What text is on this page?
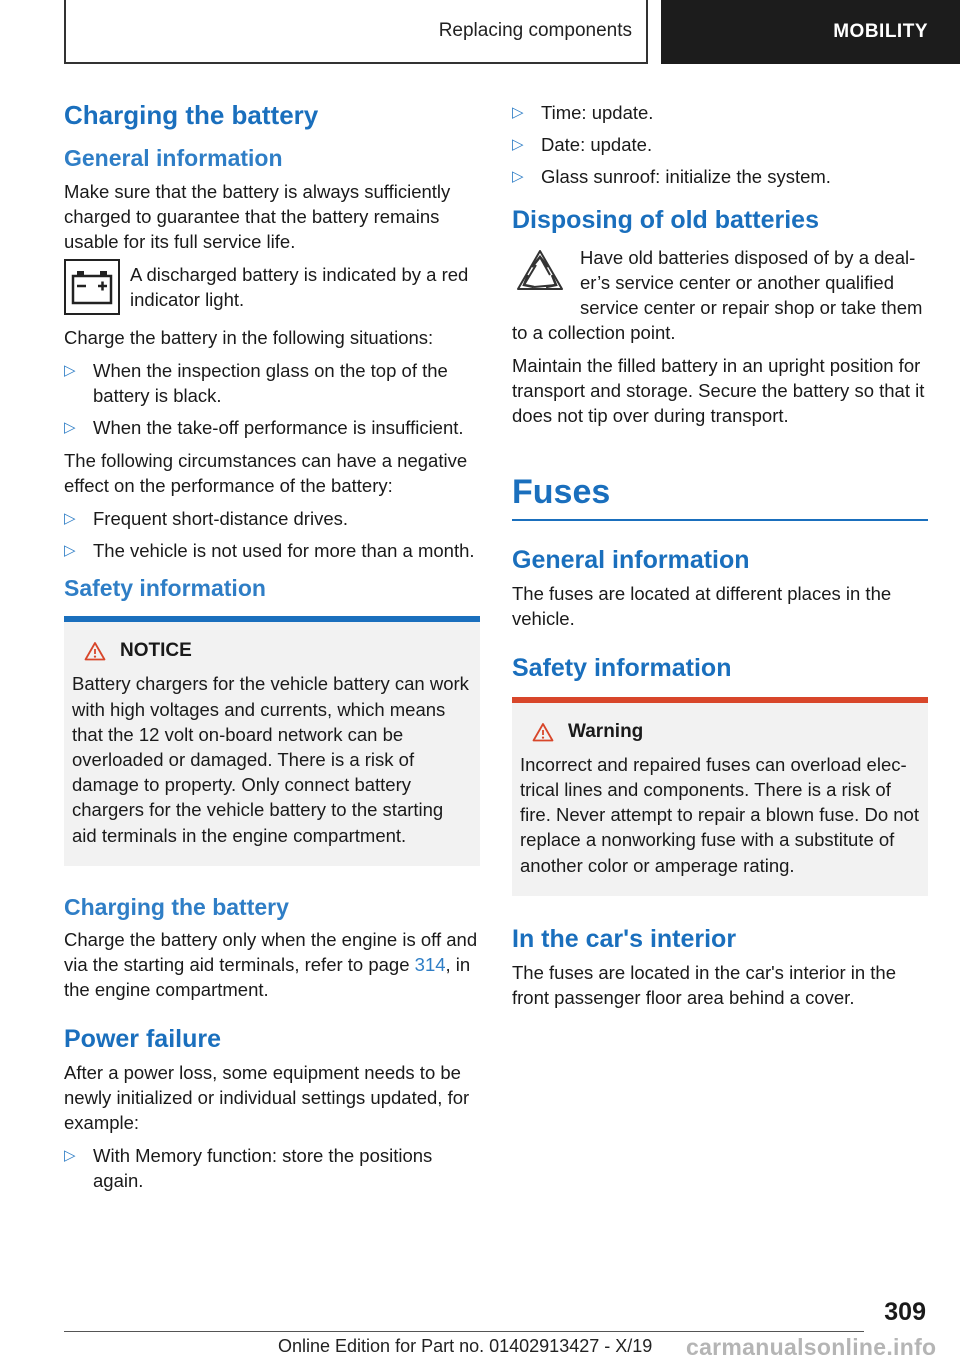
Replacing components	MOBILITY
Charging the battery
General information

Make sure that the battery is always sufficiently charged to guarantee that the battery remains usable for its full service life.

A discharged battery is indicated by a red indicator light.

Charge the battery in the following situations:

▷ When the inspection glass on the top of the battery is black.
▷ When the take-off performance is insufficient.

The following circumstances can have a negative effect on the performance of the battery:

▷ Frequent short-distance drives.
▷ The vehicle is not used for more than a month.
Safety information
NOTICE

Battery chargers for the vehicle battery can work with high voltages and currents, which means that the 12 volt on-board network can be overloaded or damaged. There is a risk of damage to property. Only connect battery chargers for the vehicle battery to the starting aid terminals in the engine compartment.

Charging the battery

Charge the battery only when the engine is off and via the starting aid terminals, refer to page 314, in the engine compartment.

Power failure

After a power loss, some equipment needs to be newly initialized or individual settings updated, for example:

▷ With Memory function: store the positions again.
▷ Time: update.
▷ Date: update.
▷ Glass sunroof: initialize the system.
Disposing of old batteries

Have old batteries disposed of by a dealer’s service center or another qualified service center or repair shop or take them to a collection point.

Maintain the filled battery in an upright position for transport and storage. Secure the battery so that it does not tip over during transport.

Fuses
General information

The fuses are located at different places in the vehicle.

Safety information
Warning

Incorrect and repaired fuses can overload electrical lines and components. There is a risk of fire. Never attempt to repair a blown fuse. Do not replace a nonworking fuse with a substitute of another color or amperage rating.

In the car's interior

The fuses are located in the car's interior in the front passenger floor area behind a cover.

309
Online Edition for Part no. 01402913427 - X/19 carmanualsonline.info
